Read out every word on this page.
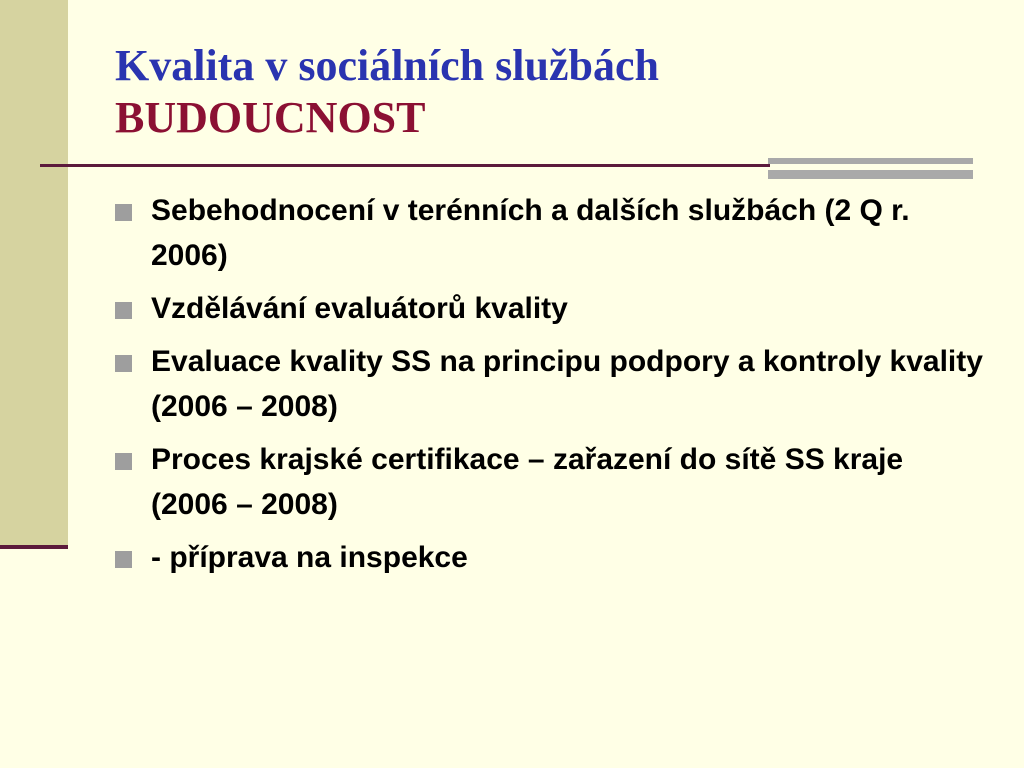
Kvalita v sociálních službách
BUDOUCNOST
Sebehodnocení v terénních a dalších službách (2 Q r. 2006)
Vzdělávání evaluátorů kvality
Evaluace kvality SS na principu podpory a kontroly kvality (2006 – 2008)
Proces krajské certifikace – zařazení do sítě SS kraje (2006 – 2008)
- příprava na inspekce
